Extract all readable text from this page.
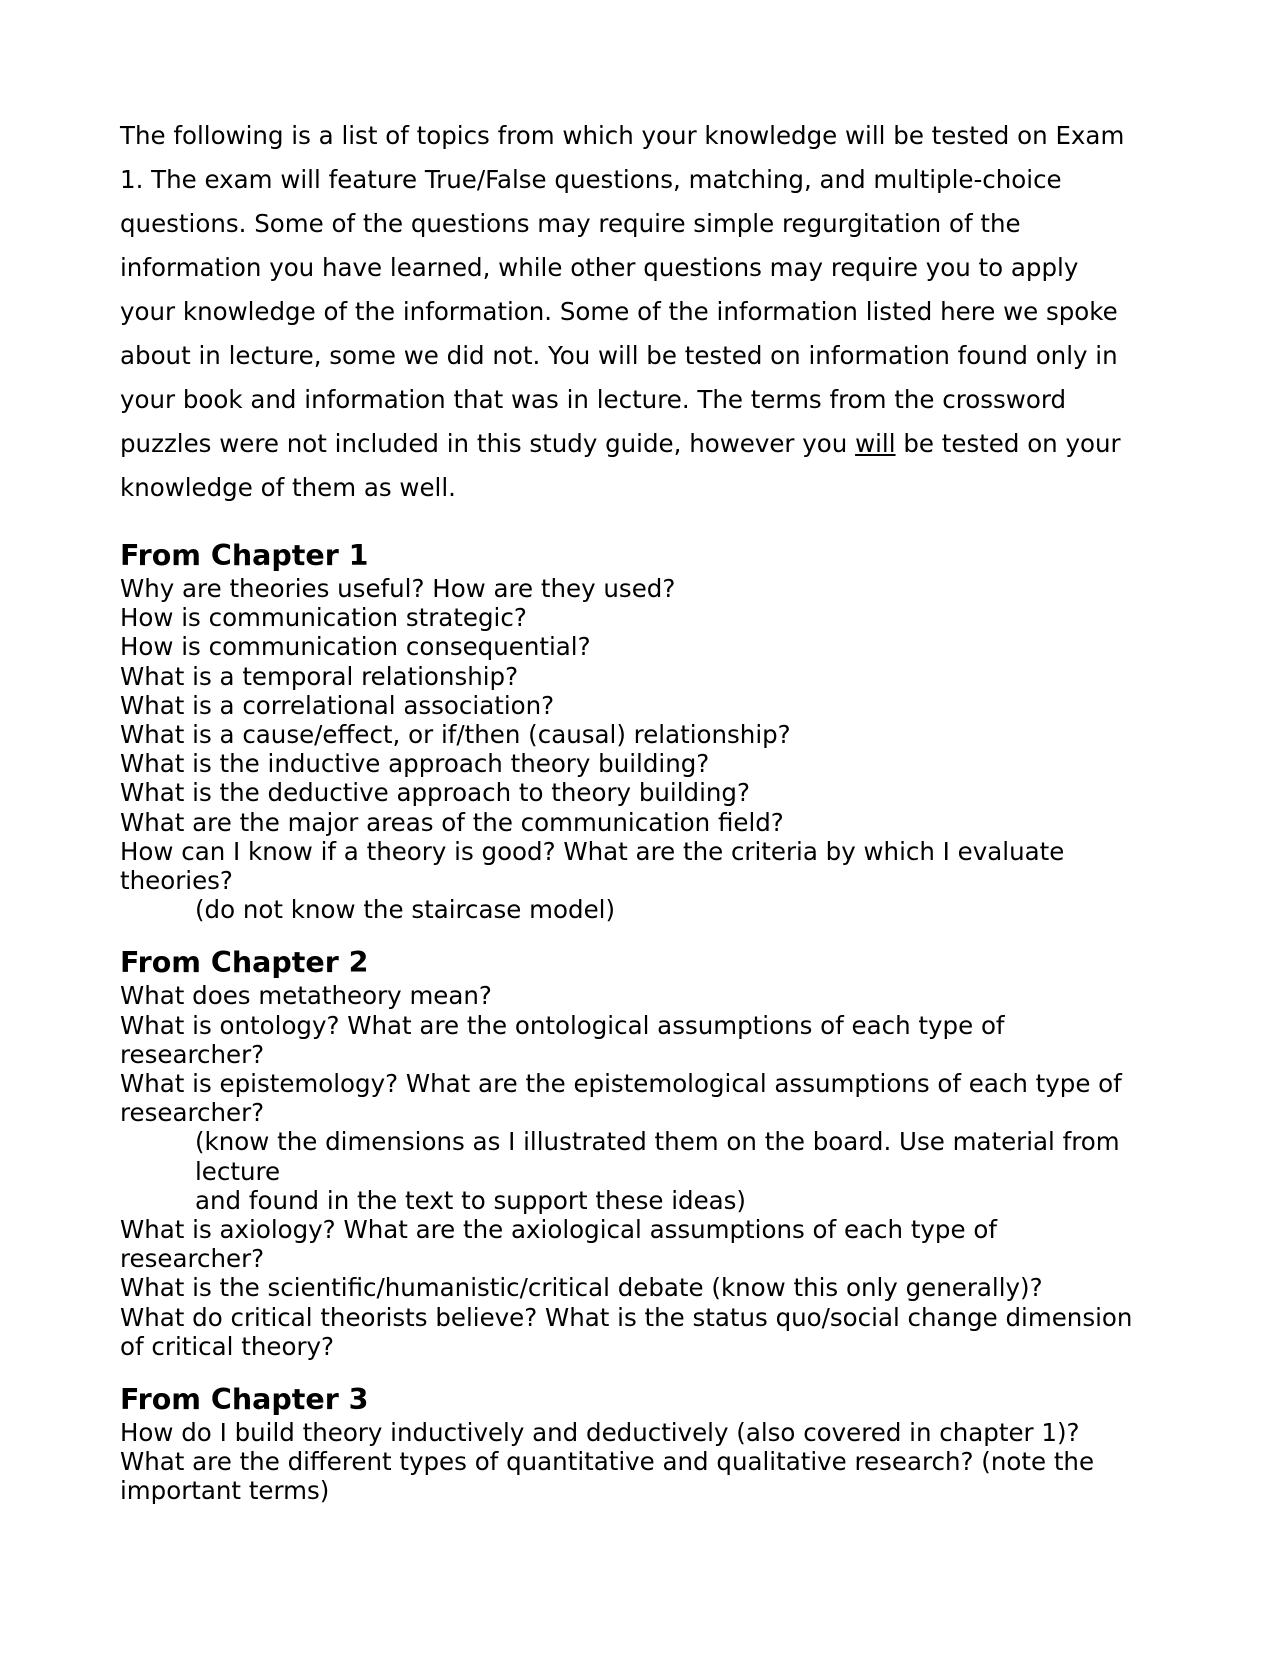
The following is a list of topics from which your knowledge will be tested on Exam
1. The exam will feature True/False questions, matching, and multiple-choice
questions. Some of the questions may require simple regurgitation of the
information you have learned, while other questions may require you to apply
your knowledge of the information. Some of the information listed here we spoke
about in lecture, some we did not. You will be tested on information found only in
your book and information that was in lecture. The terms from the crossword
puzzles were not included in this study guide, however you will be tested on your
knowledge of them as well.
From Chapter 1
Why are theories useful? How are they used?
How is communication strategic?
How is communication consequential?
What is a temporal relationship?
What is a correlational association?
What is a cause/effect, or if/then (causal) relationship?
What is the inductive approach theory building?
What is the deductive approach to theory building?
What are the major areas of the communication field?
How can I know if a theory is good? What are the criteria by which I evaluate
theories?
(do not know the staircase model)
From Chapter 2
What does metatheory mean?
What is ontology? What are the ontological assumptions of each type of
researcher?
What is epistemology? What are the epistemological assumptions of each type of
researcher?
(know the dimensions as I illustrated them on the board. Use material from
lecture
and found in the text to support these ideas)
What is axiology? What are the axiological assumptions of each type of
researcher?
What is the scientific/humanistic/critical debate (know this only generally)?
What do critical theorists believe? What is the status quo/social change dimension
of critical theory?
From Chapter 3
How do I build theory inductively and deductively (also covered in chapter 1)?
What are the different types of quantitative and qualitative research? (note the
important terms)
